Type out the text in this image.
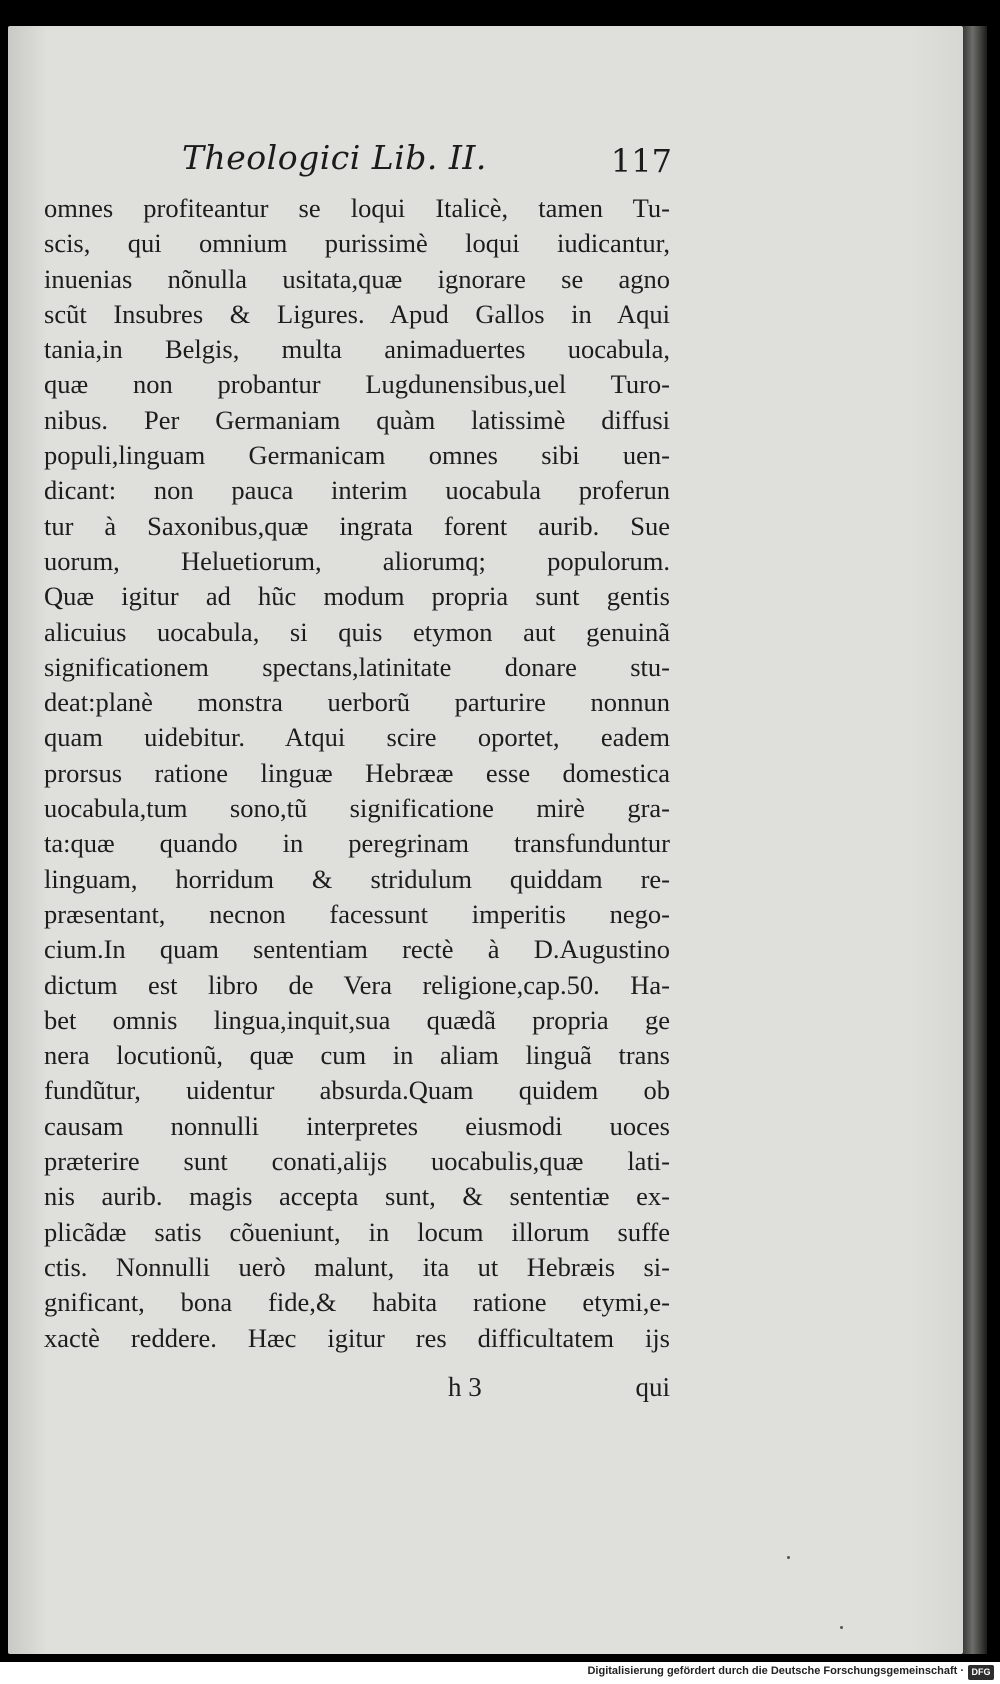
Theologici Lib. II.	117
omnes profiteantur se loqui Italicè, tamen Tu-
scis, qui omnium purissimè loqui iudicantur,
inuenias nõnulla usitata,quæ ignorare se agno
scũt Insubres & Ligures. Apud Gallos in Aqui
tania,in Belgis, multa animaduertes uocabula,
quæ non probantur Lugdunensibus,uel Turo-
nibus. Per Germaniam quàm latissimè diffusi
populi,linguam Germanicam omnes sibi uen-
dicant: non pauca interim uocabula proferun
tur à Saxonibus,quæ ingrata forent aurib. Sue
uorum, Heluetiorum, aliorumq; populorum.
Quæ igitur ad hũc modum propria sunt gentis
alicuius uocabula, si quis etymon aut genuinã
significationem spectans,latinitate donare stu-
deat:planè monstra uerborũ parturire nonnun
quam uidebitur. Atqui scire oportet, eadem
prorsus ratione linguæ Hebrææ esse domestica
uocabula,tum sono,tũ significatione mirè gra-
ta:quæ quando in peregrinam transfunduntur
linguam, horridum & stridulum quiddam re-
præsentant, necnon facessunt imperitis nego-
cium.In quam sententiam rectè à D.Augustino
dictum est libro de Vera religione,cap.50. Ha-
bet omnis lingua,inquit,sua quædã propria ge
nera locutionũ, quæ cum in aliam linguã trans
fundũtur, uidentur absurda.Quam quidem ob
causam nonnulli interpretes eiusmodi uoces
præterire sunt conati,alijs uocabulis,quæ lati-
nis aurib. magis accepta sunt, & sententiæ ex-
plicãdæ satis cõueniunt, in locum illorum suffe
ctis. Nonnulli uerò malunt, ita ut Hebræis si-
gnificant, bona fide,& habita ratione etymi,e-
xactè reddere. Hæc igitur res difficultatem ijs
h 3	qui
Digitalisierung gefördert durch die Deutsche Forschungsgemeinschaft · DFG
